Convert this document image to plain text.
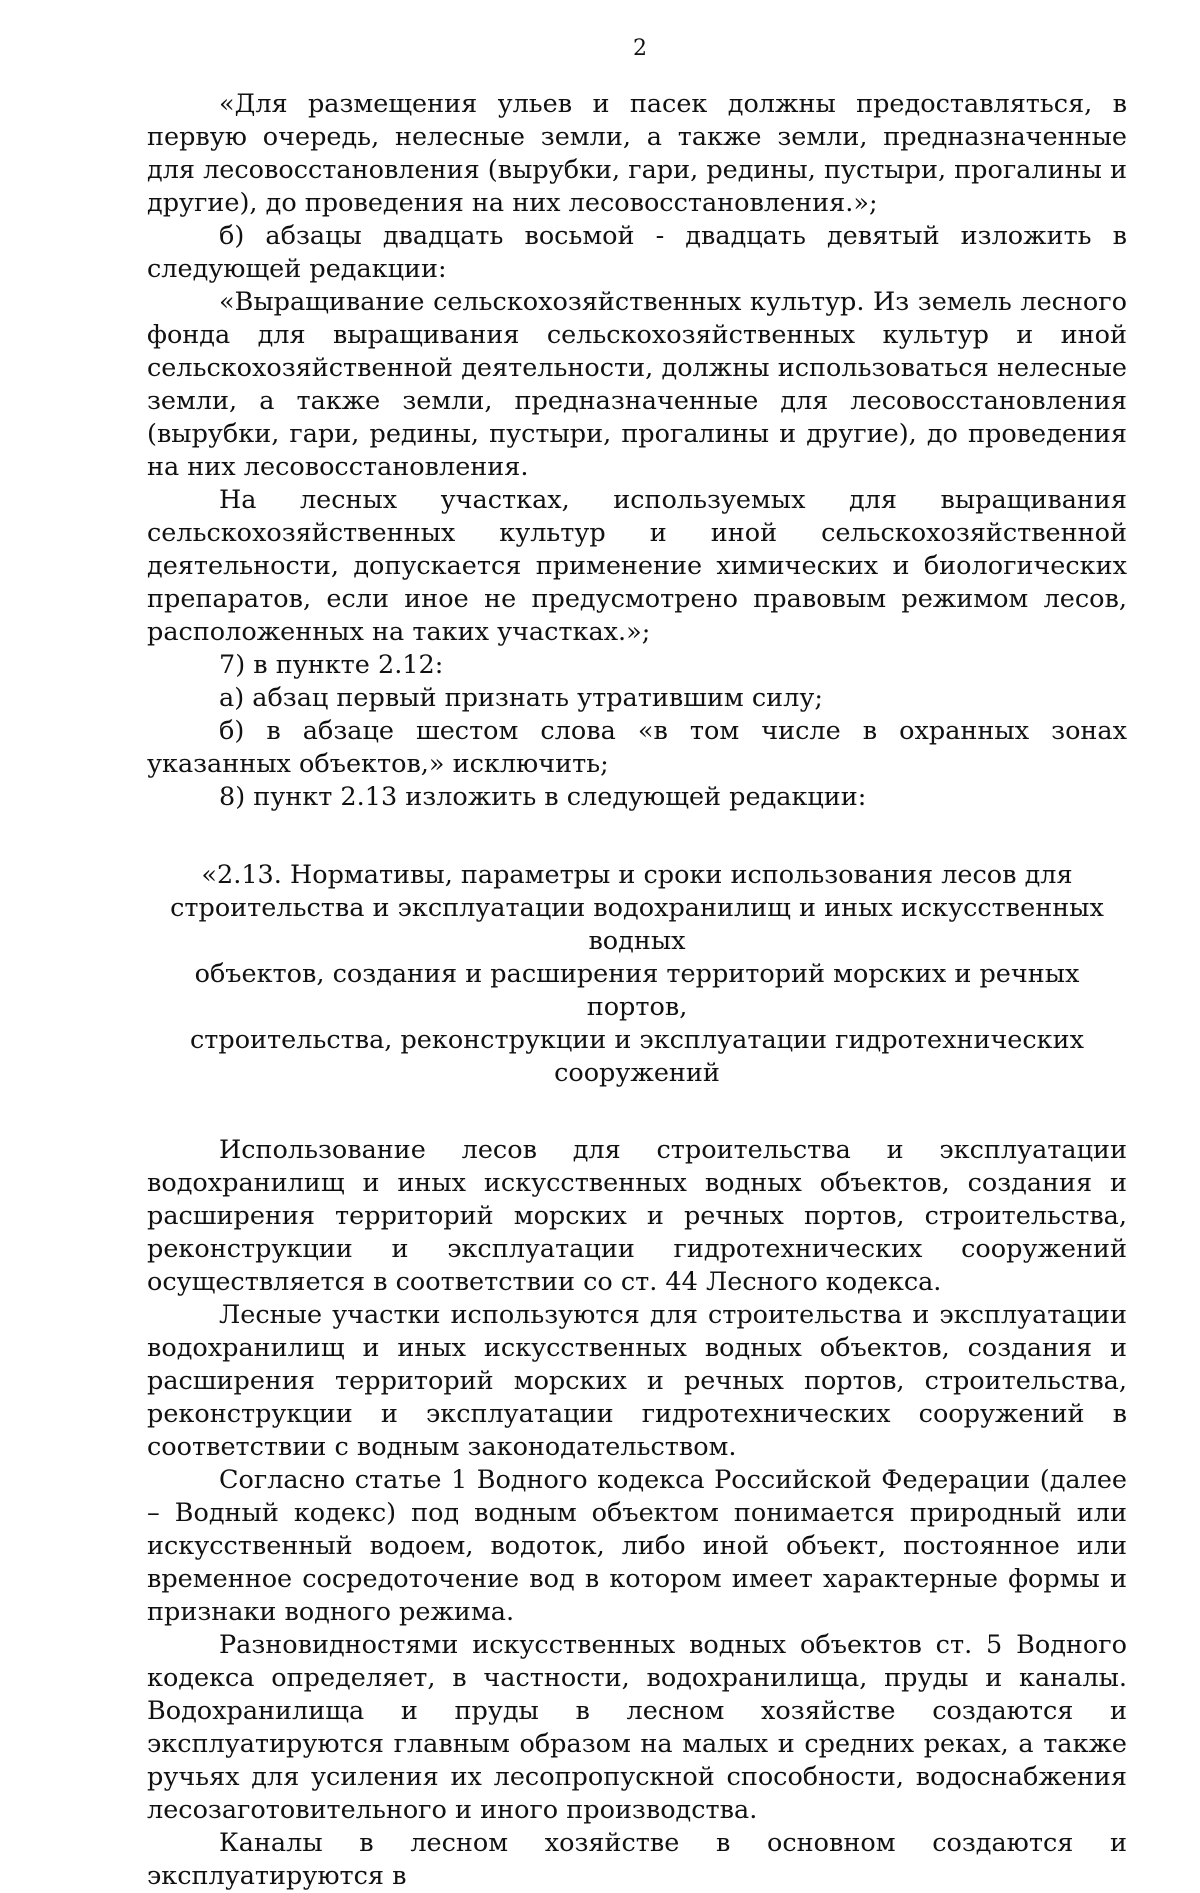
2

«Для размещения ульев и пасек должны предоставляться, в первую очередь, нелесные земли, а также земли, предназначенные для лесовосстановления (вырубки, гари, редины, пустыри, прогалины и другие), до проведения на них лесовосстановления.»;

б) абзацы двадцать восьмой - двадцать девятый изложить в следующей редакции:

«Выращивание сельскохозяйственных культур. Из земель лесного фонда для выращивания сельскохозяйственных культур и иной сельскохозяйственной деятельности, должны использоваться нелесные земли, а также земли, предназначенные для лесовосстановления (вырубки, гари, редины, пустыри, прогалины и другие), до проведения на них лесовосстановления.

На лесных участках, используемых для выращивания сельскохозяйственных культур и иной сельскохозяйственной деятельности, допускается применение химических и биологических препаратов, если иное не предусмотрено правовым режимом лесов, расположенных на таких участках.»;

7) в пункте 2.12:

а) абзац первый признать утратившим силу;

б) в абзаце шестом слова «в том числе в охранных зонах указанных объектов,» исключить;

8) пункт 2.13 изложить в следующей редакции:

«2.13. Нормативы, параметры и сроки использования лесов для
строительства и эксплуатации водохранилищ и иных искусственных водных
объектов, создания и расширения территорий морских и речных портов,
строительства, реконструкции и эксплуатации гидротехнических сооружений

Использование лесов для строительства и эксплуатации водохранилищ и иных искусственных водных объектов, создания и расширения территорий морских и речных портов, строительства, реконструкции и эксплуатации гидротехнических сооружений осуществляется в соответствии со ст. 44 Лесного кодекса.

Лесные участки используются для строительства и эксплуатации водохранилищ и иных искусственных водных объектов, создания и расширения территорий морских и речных портов, строительства, реконструкции и эксплуатации гидротехнических сооружений в соответствии с водным законодательством.

Согласно статье 1 Водного кодекса Российской Федерации (далее – Водный кодекс) под водным объектом понимается природный или искусственный водоем, водоток, либо иной объект, постоянное или временное сосредоточение вод в котором имеет характерные формы и признаки водного режима.

Разновидностями искусственных водных объектов ст. 5 Водного кодекса определяет, в частности, водохранилища, пруды и каналы. Водохранилища и пруды в лесном хозяйстве создаются и эксплуатируются главным образом на малых и средних реках, а также ручьях для усиления их лесопропускной способности, водоснабжения лесозаготовительного и иного производства.

Каналы в лесном хозяйстве в основном создаются и эксплуатируются в
